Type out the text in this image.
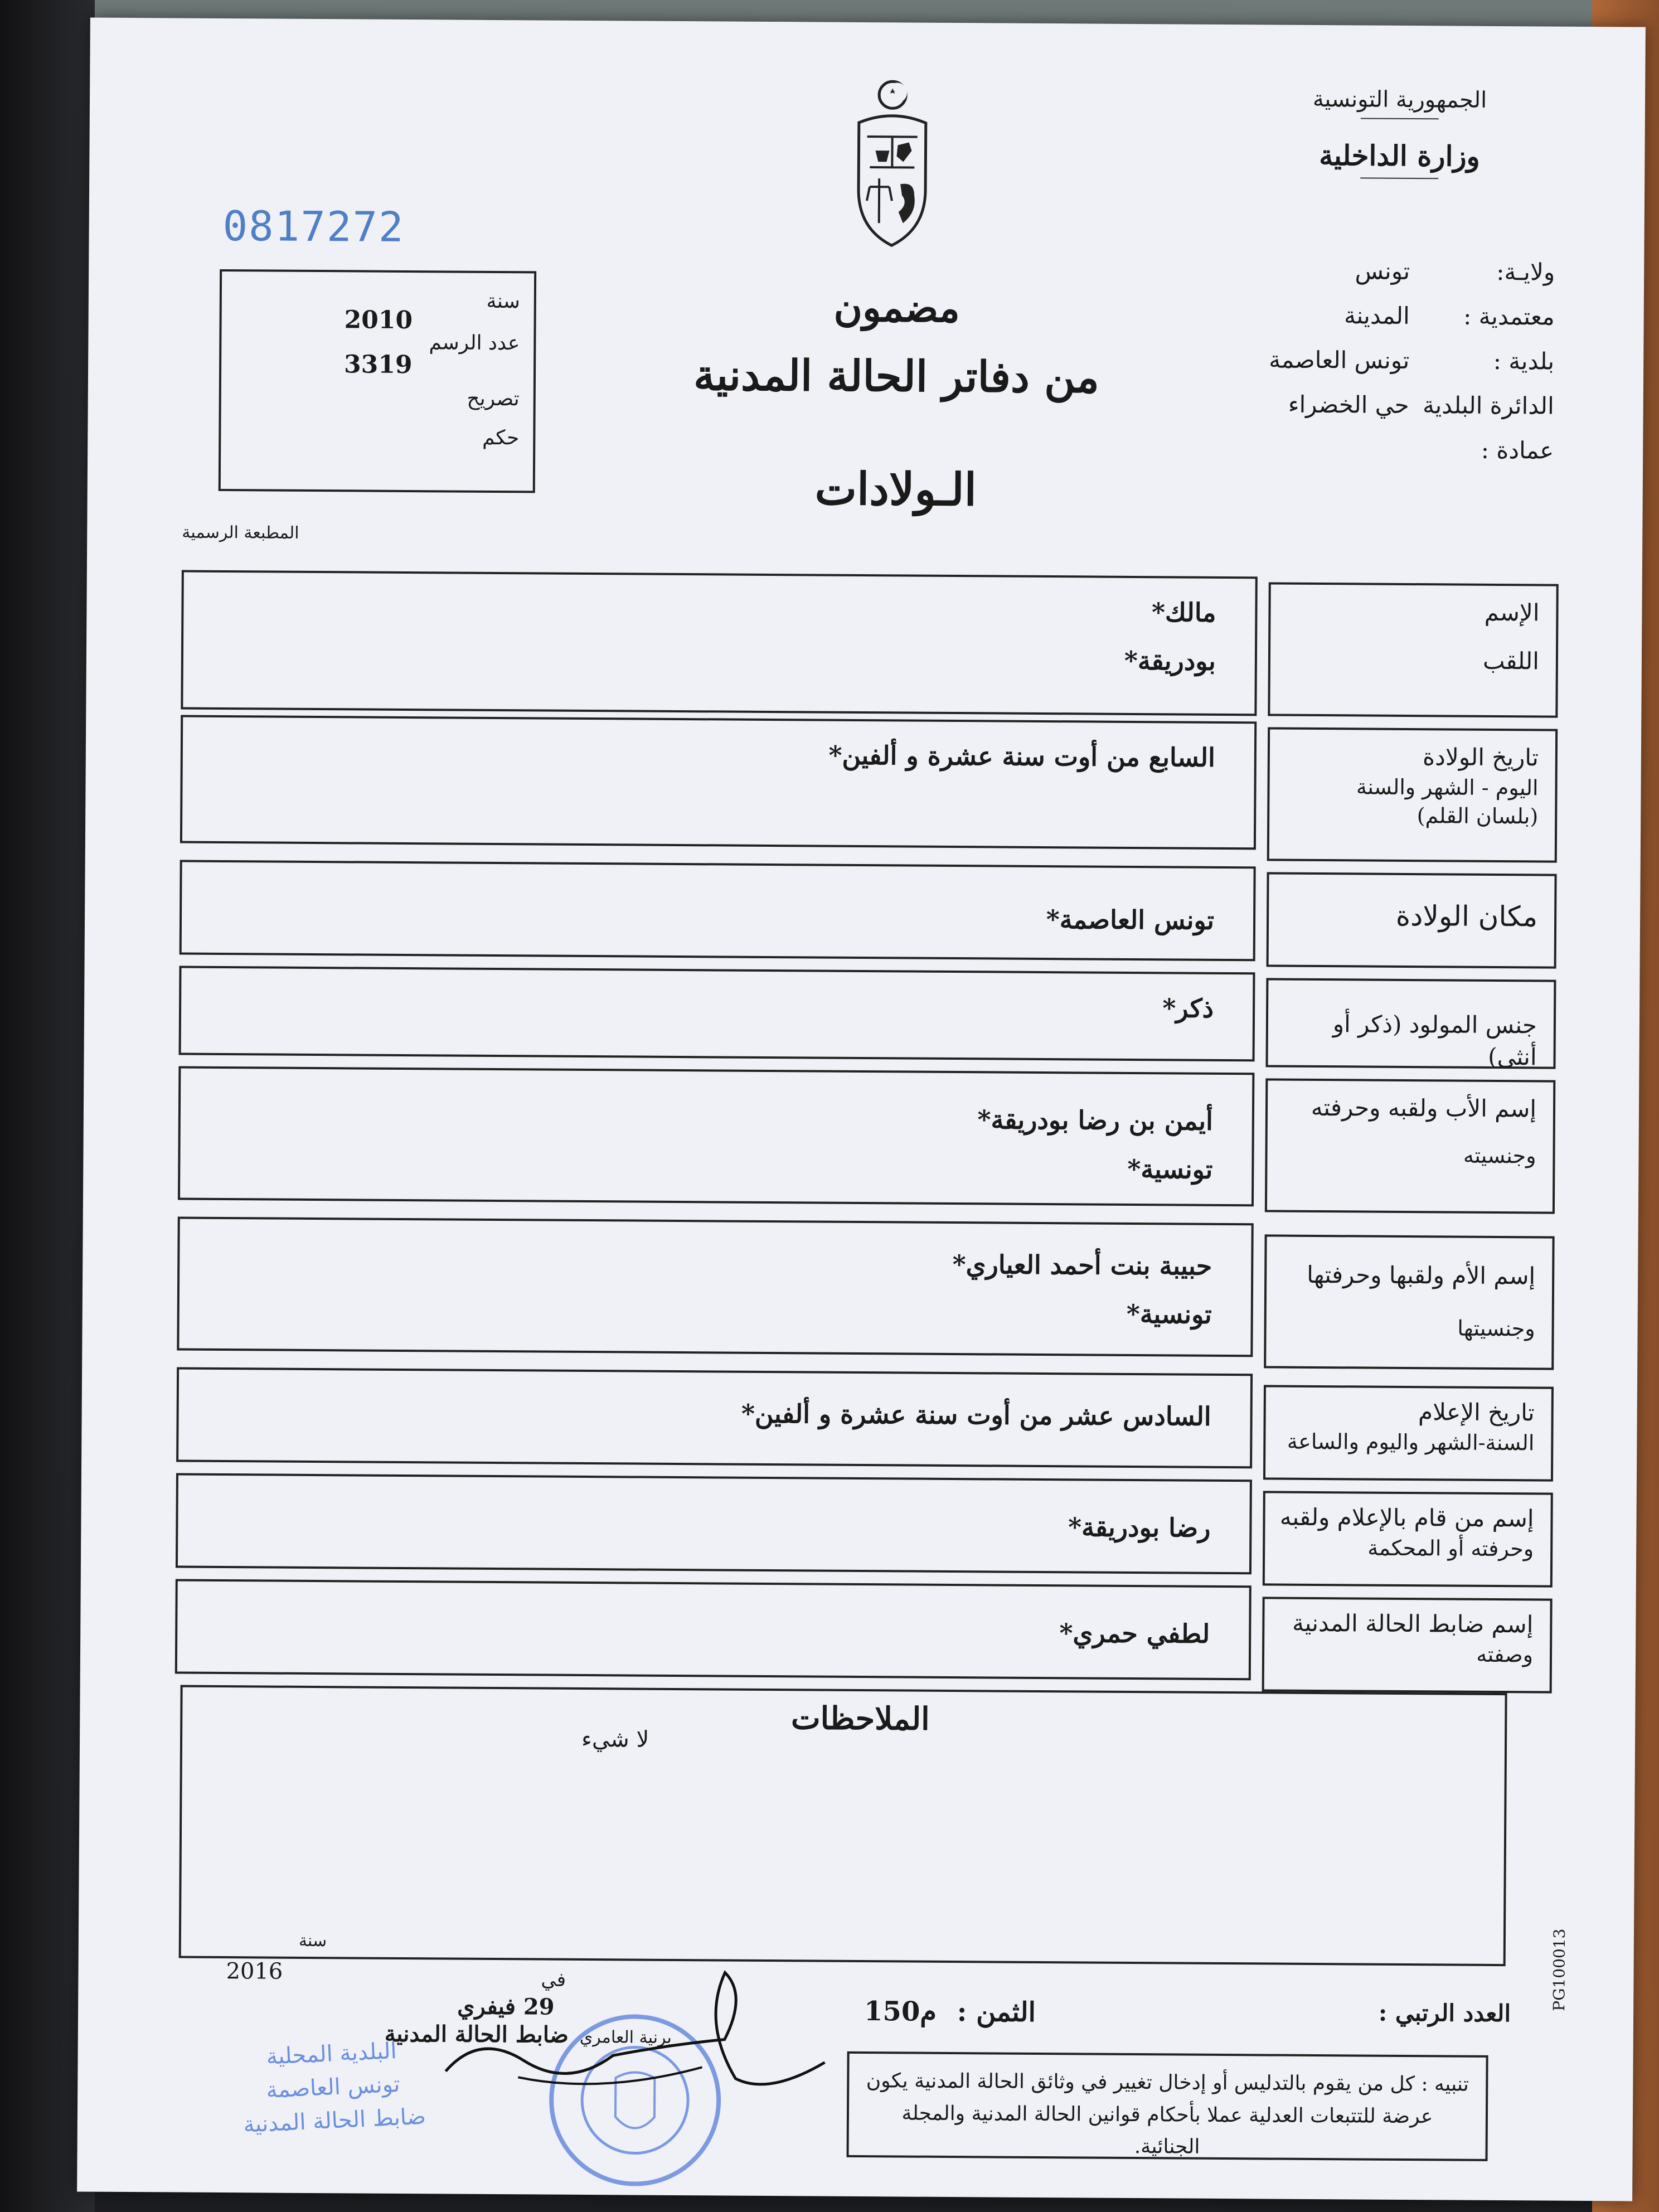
الجمهورية التونسية
وزارة الداخلية
ولايـة:
تونس
معتمدية :
المدينة
بلدية :
تونس العاصمة
الدائرة البلدية
حي الخضراء
عمادة :
مضمون
من دفاتر الحالة المدنية
الـولادات
0817272
سنة
2010
عدد الرسم
3319
تصريح
حكم
المطبعة الرسمية
الإسم
اللقب
مالك*
بودريقة*
تاريخ الولادة
اليوم - الشهر والسنة
(بلسان القلم)
السابع من أوت سنة عشرة و ألفين*
مكان الولادة
تونس العاصمة*
جنس المولود (ذكر أو أنثى)
ذكر*
إسم الأب ولقبه وحرفته
وجنسيته
أيمن بن رضا بودريقة*
تونسية*
إسم الأم ولقبها وحرفتها
وجنسيتها
حبيبة بنت أحمد العياري*
تونسية*
تاريخ الإعلام
السنة-الشهر واليوم والساعة
السادس عشر من أوت سنة عشرة و ألفين*
إسم من قام بالإعلام ولقبه
وحرفته أو المحكمة
رضا بودريقة*
إسم ضابط الحالة المدنية
وصفته
لطفي حمري*
الملاحظات
لا شيء
PG100013
العدد الرتبي :
الثمن : 150م
سنة
2016	في
29 فيفري
ضابط الحالة المدنية برنية العامري
البلدية المحلية
تونس العاصمة
ضابط الحالة المدنية
تنبيه : كل من يقوم بالتدليس أو إدخال تغيير في وثائق الحالة المدنية يكون عرضة للتتبعات العدلية عملا بأحكام قوانين الحالة المدنية والمجلة الجنائية.
